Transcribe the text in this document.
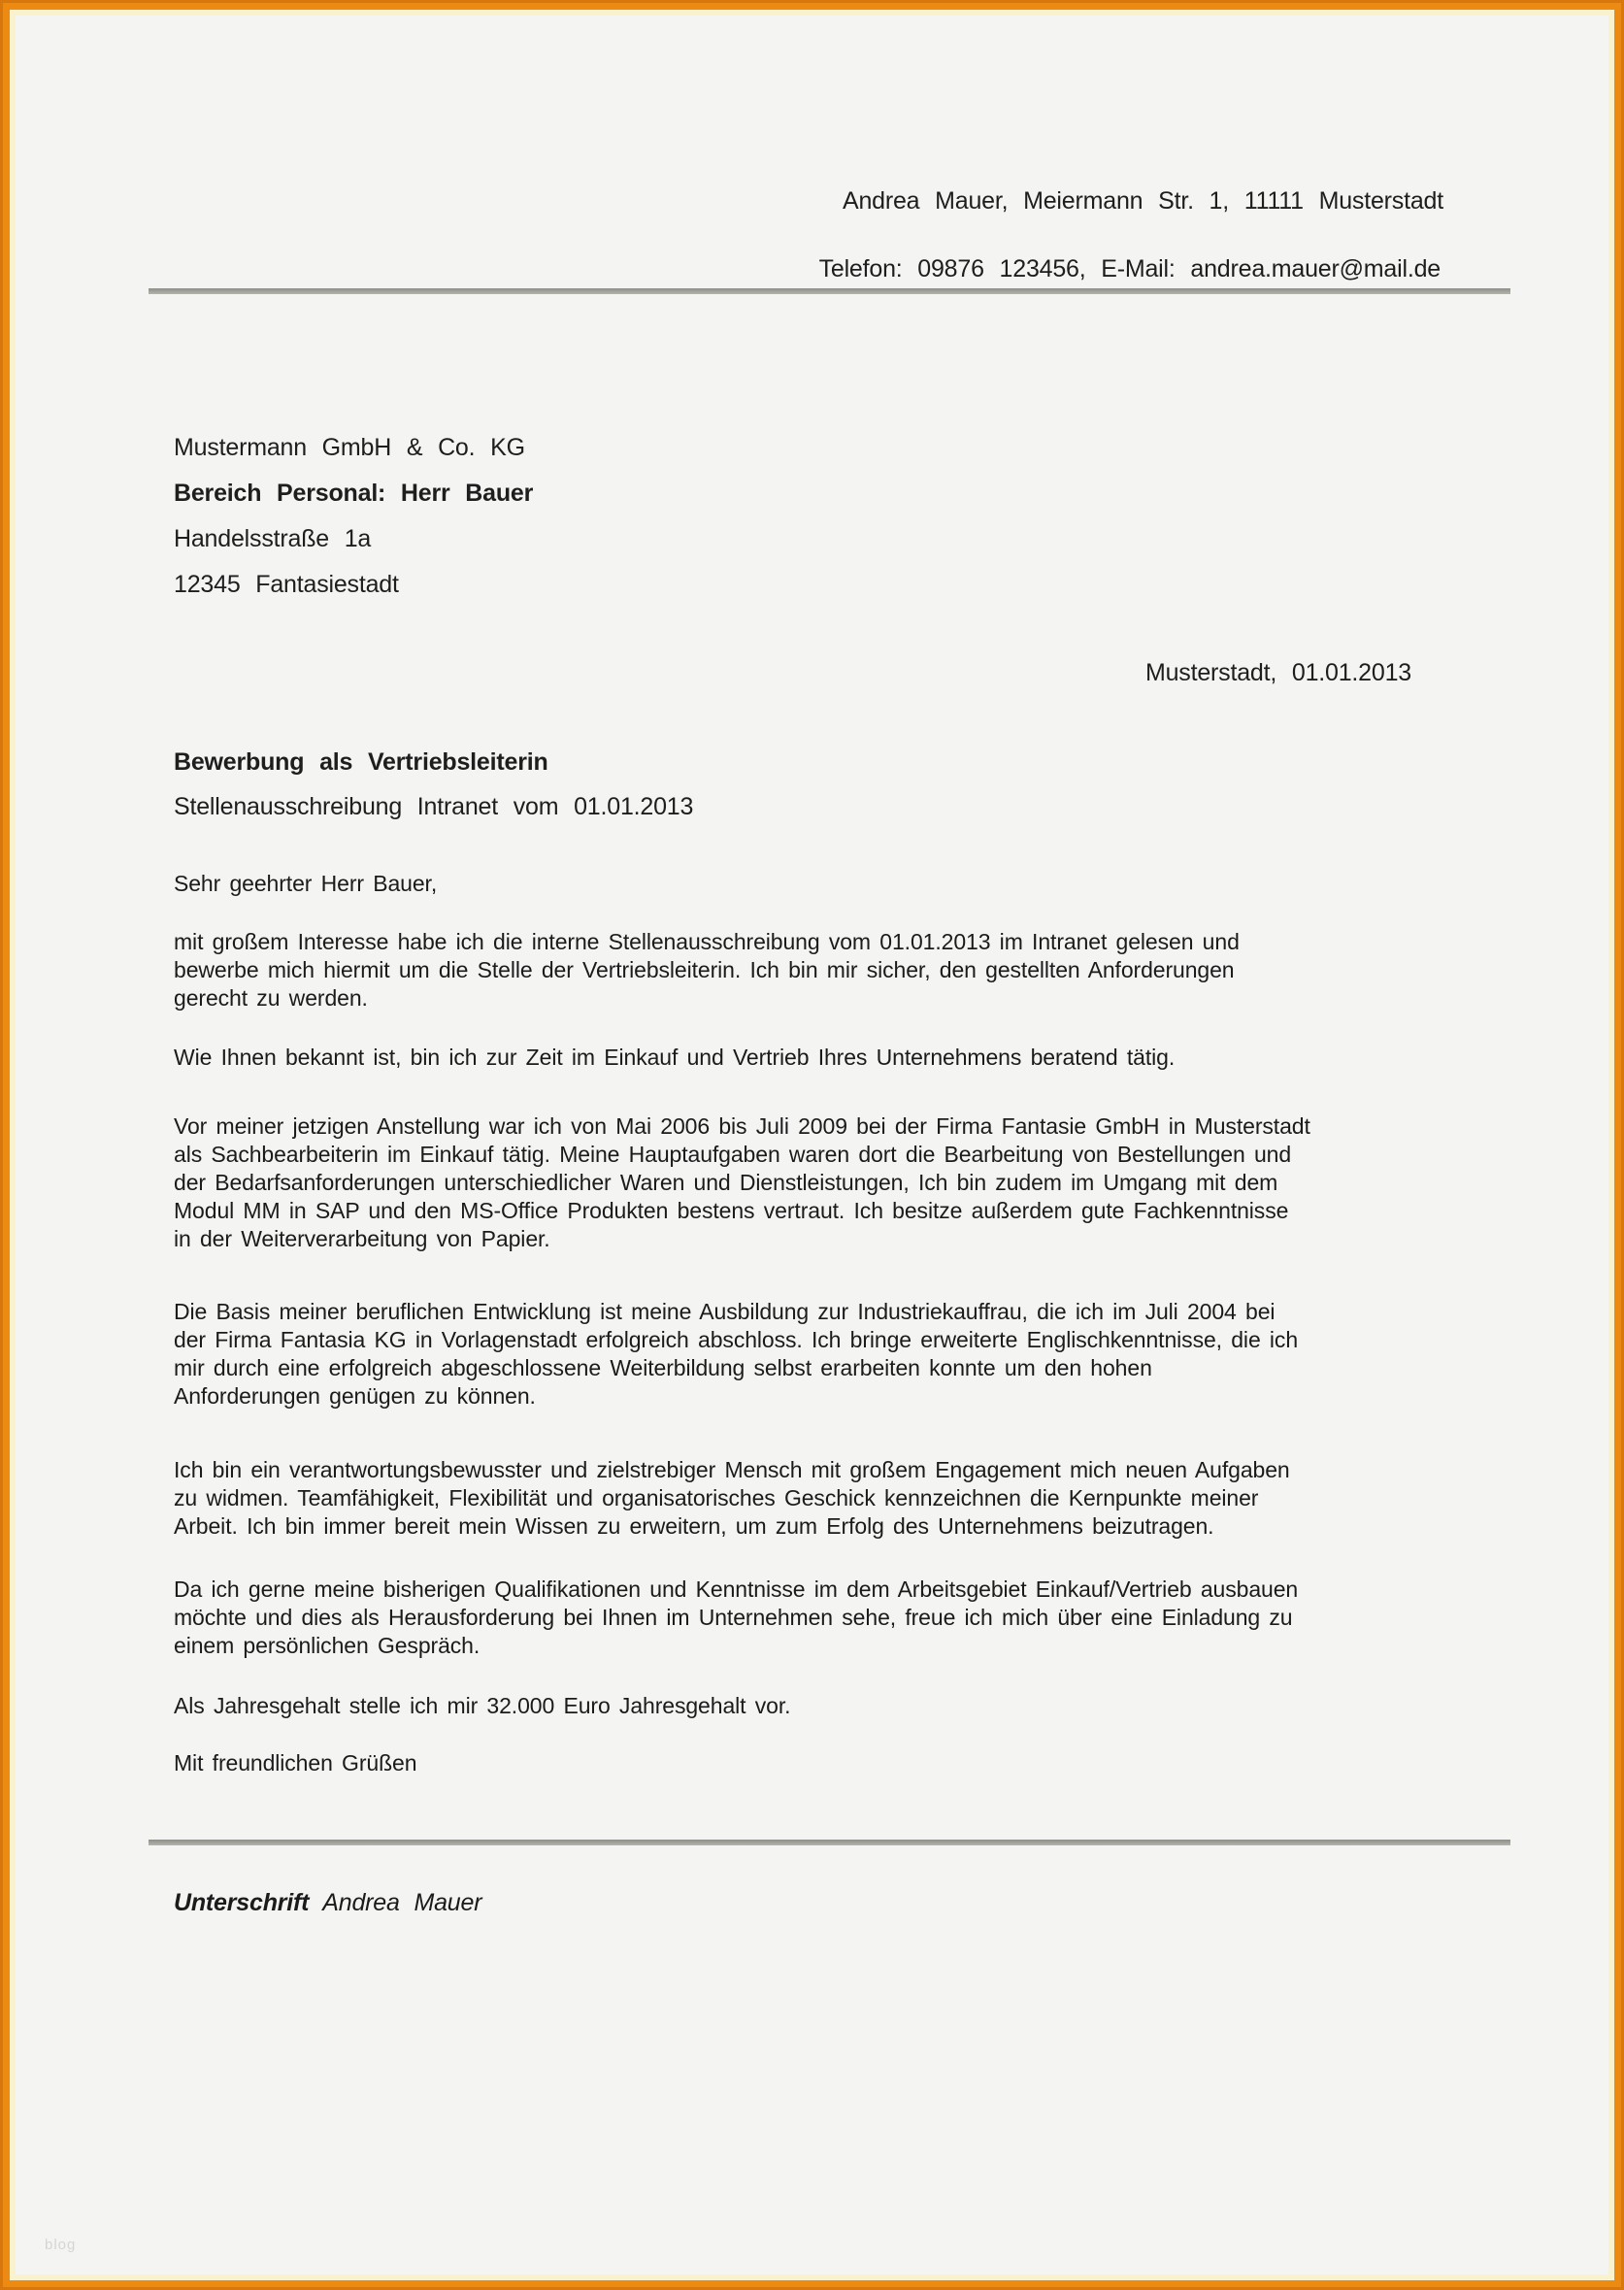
Andrea Mauer, Meiermann Str. 1, 11111 Musterstadt
Telefon: 09876 123456, E-Mail: andrea.mauer@mail.de
Mustermann GmbH & Co. KG
Bereich Personal: Herr Bauer
Handelsstraße 1a
12345 Fantasiestadt
Musterstadt, 01.01.2013
Bewerbung als Vertriebsleiterin
Stellenausschreibung Intranet vom 01.01.2013
Sehr geehrter Herr Bauer,
mit großem Interesse habe ich die interne Stellenausschreibung vom 01.01.2013 im Intranet gelesen und
bewerbe mich hiermit um die Stelle der Vertriebsleiterin. Ich bin mir sicher, den gestellten Anforderungen
gerecht zu werden.
Wie Ihnen bekannt ist, bin ich zur Zeit im Einkauf und Vertrieb Ihres Unternehmens beratend tätig.
Vor meiner jetzigen Anstellung war ich von Mai 2006 bis Juli 2009 bei der Firma Fantasie GmbH in Musterstadt
als Sachbearbeiterin im Einkauf tätig. Meine Hauptaufgaben waren dort die Bearbeitung von Bestellungen und
der Bedarfsanforderungen unterschiedlicher Waren und Dienstleistungen, Ich bin zudem im Umgang mit dem
Modul MM in SAP und den MS-Office Produkten bestens vertraut. Ich besitze außerdem gute Fachkenntnisse
in der Weiterverarbeitung von Papier.
Die Basis meiner beruflichen Entwicklung ist meine Ausbildung zur Industriekauffrau, die ich im Juli 2004 bei
der Firma Fantasia KG in Vorlagenstadt erfolgreich abschloss. Ich bringe erweiterte Englischkenntnisse, die ich
mir durch eine erfolgreich abgeschlossene Weiterbildung selbst erarbeiten konnte um den hohen
Anforderungen genügen zu können.
Ich bin ein verantwortungsbewusster und zielstrebiger Mensch mit großem Engagement mich neuen Aufgaben
zu widmen. Teamfähigkeit, Flexibilität und organisatorisches Geschick kennzeichnen die Kernpunkte meiner
Arbeit. Ich bin immer bereit mein Wissen zu erweitern, um zum Erfolg des Unternehmens beizutragen.
Da ich gerne meine bisherigen Qualifikationen und Kenntnisse im dem Arbeitsgebiet Einkauf/Vertrieb ausbauen
möchte und dies als Herausforderung bei Ihnen im Unternehmen sehe, freue ich mich über eine Einladung zu
einem persönlichen Gespräch.
Als Jahresgehalt stelle ich mir 32.000 Euro Jahresgehalt vor.
Mit freundlichen Grüßen
Unterschrift Andrea Mauer
blog
